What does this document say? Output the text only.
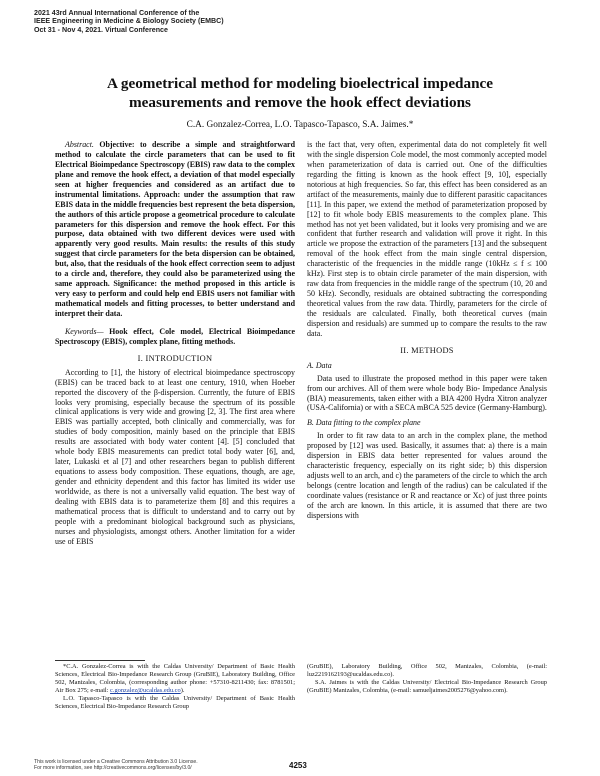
2021 43rd Annual International Conference of the
IEEE Engineering in Medicine & Biology Society (EMBC)
Oct 31 - Nov 4, 2021. Virtual Conference
A geometrical method for modeling bioelectrical impedance
measurements and remove the hook effect deviations
C.A. Gonzalez-Correa, L.O. Tapasco-Tapasco, S.A. Jaimes.*

Abstract. Objective: to describe a simple and straightforward method to calculate the circle parameters that can be used to fit Electrical Bioimpedance Spectroscopy (EBIS) raw data to the complex plane and remove the hook effect, a deviation of that model especially seen at higher frequencies and considered as an artifact due to instrumental limitations. Approach: under the assumption that raw EBIS data in the middle frequencies best represent the beta dispersion, the authors of this article propose a geometrical procedure to calculate parameters for this dispersion and remove the hook effect. For this purpose, data obtained with two different devices were used with apparently very good results. Main results: the results of this study suggest that circle parameters for the beta dispersion can be obtained, but, also, that the residuals of the hook effect correction seem to adjust to a circle and, therefore, they could also be parameterized using the same approach. Significance: the method proposed in this article is very easy to perform and could help end EBIS users not familiar with mathematical models and fitting processes, to better understand and interpret their data.

Keywords— Hook effect, Cole model, Electrical Bioimpedance Spectroscopy (EBIS), complex plane, fitting methods.

I. INTRODUCTION

According to [1], the history of electrical bioimpedance spectroscopy (EBIS) can be traced back to at least one century, 1910, when Hoeber reported the discovery of the β-dispersion. Currently, the future of EBIS looks very promising, especially because the spectrum of its possible clinical applications is very wide and growing [2, 3]. The first area where EBIS was partially accepted, both clinically and commercially, was for studies of body composition, mainly based on the principle that EBIS results are associated with body water content [4]. [5] concluded that whole body EBIS measurements can predict total body water [6], and, later, Lukaski et al [7] and other researchers began to publish different equations to assess body composition. These equations, though, are age, gender and ethnicity dependent and this factor has limited its wider use worldwide, as there is not a universally valid equation. The best way of dealing with EBIS data is to parameterize them [8] and this requires a mathematical process that is difficult to understand and to carry out by people with a predominant biological background such as physicians, nurses and physiologists, amongst others. Another limitation for a wider use of EBIS

is the fact that, very often, experimental data do not completely fit well with the single dispersion Cole model, the most commonly accepted model when parameterization of data is carried out. One of the difficulties regarding the fitting is known as the hook effect [9, 10], especially notorious at high frequencies. So far, this effect has been considered as an artifact of the measurements, mainly due to different parasitic capacitances [11]. In this paper, we extend the method of parameterization proposed by [12] to fit whole body EBIS measurements to the complex plane. This method has not yet been validated, but it looks very promising and we are confident that further research and validation will prove it right. In this article we propose the extraction of the parameters [13] and the subsequent removal of the hook effect from the main single central dispersion, characteristic of the frequencies in the middle range (10kHz ≤ f ≤ 100 kHz). First step is to obtain circle parameter of the main dispersion, with raw data from frequencies in the middle range of the spectrum (10, 20 and 50 kHz). Secondly, residuals are obtained subtracting the corresponding theoretical values from the raw data. Thirdly, parameters for the circle of the residuals are calculated. Finally, both theoretical curves (main dispersion and residuals) are summed up to compare the results to the raw data.

II. METHODS

A. Data

Data used to illustrate the proposed method in this paper were taken from our archives. All of them were whole body Bio- Impedance Analysis (BIA) measurements, taken either with a BIA 4200 Hydra Xitron analyzer (USA-California) or with a SECA mBCA 525 device (Germany-Hamburg).

B. Data fitting to the complex plane

In order to fit raw data to an arch in the complex plane, the method proposed by [12] was used. Basically, it assumes that: a) there is a main dispersion in EBIS data better represented for values around the characteristic frequency, especially on its right side; b) this dispersion adjusts well to an arch, and c) the parameters of the circle to which the arch belongs (centre location and length of the radius) can be calculated if the coordinate values (resistance or R and reactance or Xc) of just three points of the arch are known. In this article, it is assumed that there are two dispersions with

*C.A. Gonzalez-Correa is with the Caldas University/ Department of Basic Health Sciences, Electrical Bio-Impedance Research Group (GruBIE), Laboratory Building, Office 502, Manizales, Colombia, (corresponding author phone: +57310-8211430; fax: 8781501; Air Box 275; e-mail: c.gonzalez@ucaldas.edu.co).

L.O. Tapasco-Tapasco is with the Caldas University/ Department of Basic Health Sciences, Electrical Bio-Impedance Research Group

(GruBIE), Laboratory Building, Office 502, Manizales, Colombia, (e-mail: luz2219162193@ucaldas.edu.co).

S.A. Jaimes is with the Caldas University/ Electrical Bio-Impedance Research Group (GruBIE) Manizales, Colombia, (e-mail: samueljaimes2005276@yahoo.com).

This work is licensed under a Creative Commons Attribution 3.0 License.
For more information, see http://creativecommons.org/licenses/by/3.0/	4253
